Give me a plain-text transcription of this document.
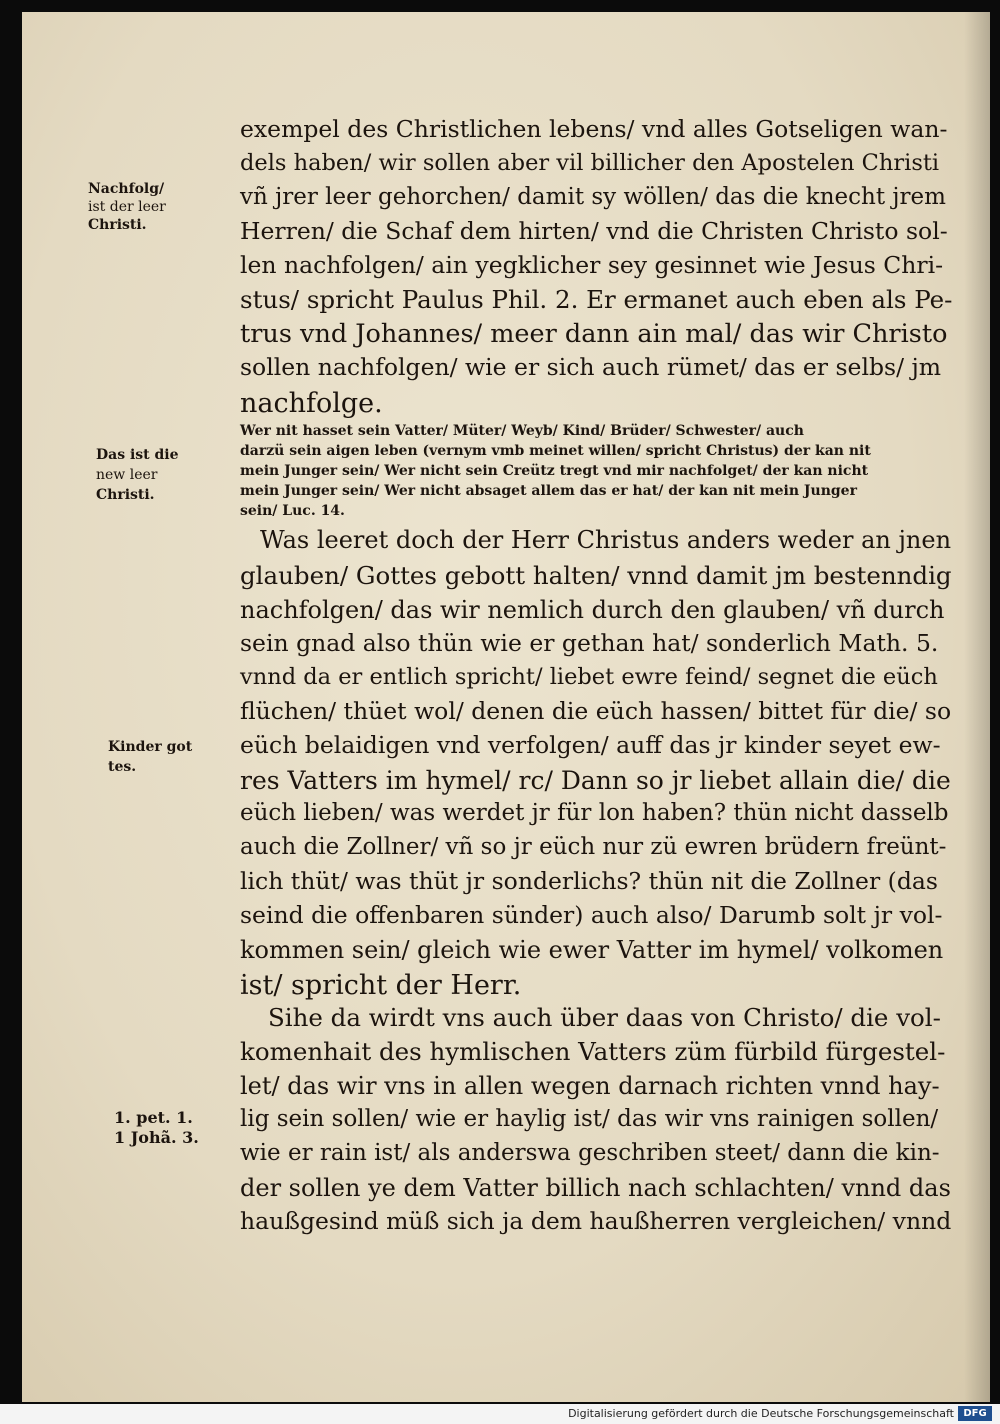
exempel des Christlichen lebens/ vnd alles Gotseligen wan-

dels haben/ wir sollen aber vil billicher den Apostelen Christi

vñ jrer leer gehorchen/ damit sy wöllen/ das die knecht jrem

Herren/ die Schaf dem hirten/ vnd die Christen Christo sol-

len nachfolgen/ ain yegklicher sey gesinnet wie Jesus Chri-

stus/ spricht Paulus Phil. 2. Er ermanet auch eben als Pe-

trus vnd Johannes/ meer dann ain mal/ das wir Christo

sollen nachfolgen/ wie er sich auch rümet/ das er selbs/ jm

nachfolge.

Wer nit hasset sein Vatter/ Müter/ Weyb/ Kind/ Brüder/ Schwester/ auch

darzü sein aigen leben (vernym vmb meinet willen/ spricht Christus) der kan nit

mein Junger sein/ Wer nicht sein Creütz tregt vnd mir nachfolget/ der kan nicht

mein Junger sein/ Wer nicht absaget allem das er hat/ der kan nit mein Junger

sein/ Luc. 14.

Was leeret doch der Herr Christus anders weder an jnen

glauben/ Gottes gebott halten/ vnnd damit jm bestenndig

nachfolgen/ das wir nemlich durch den glauben/ vñ durch

sein gnad also thün wie er gethan hat/ sonderlich Math. 5.

vnnd da er entlich spricht/ liebet ewre feind/ segnet die eüch

flüchen/ thüet wol/ denen die eüch hassen/ bittet für die/ so

eüch belaidigen vnd verfolgen/ auff das jr kinder seyet ew-

res Vatters im hymel/ rc/ Dann so jr liebet allain die/ die

eüch lieben/ was werdet jr für lon haben? thün nicht dasselb

auch die Zollner/ vñ so jr eüch nur zü ewren brüdern freünt-

lich thüt/ was thüt jr sonderlichs? thün nit die Zollner (das

seind die offenbaren sünder) auch also/ Darumb solt jr vol-

kommen sein/ gleich wie ewer Vatter im hymel/ volkomen

ist/ spricht der Herr.

Sihe da wirdt vns auch über daas von Christo/ die vol-

komenhait des hymlischen Vatters züm fürbild fürgestel-

let/ das wir vns in allen wegen darnach richten vnnd hay-

lig sein sollen/ wie er haylig ist/ das wir vns rainigen sollen/

wie er rain ist/ als anderswa geschriben steet/ dann die kin-

der sollen ye dem Vatter billich nach schlachten/ vnnd das

haußgesind müß sich ja dem haußherren vergleichen/ vnnd

Nachfolg/

ist der leer

Christi.

Das ist die

new leer

Christi.

Kinder got

tes.

1. pet. 1.

1 Johã. 3.

Digitalisierung gefördert durch die Deutsche Forschungsgemeinschaft DFG
